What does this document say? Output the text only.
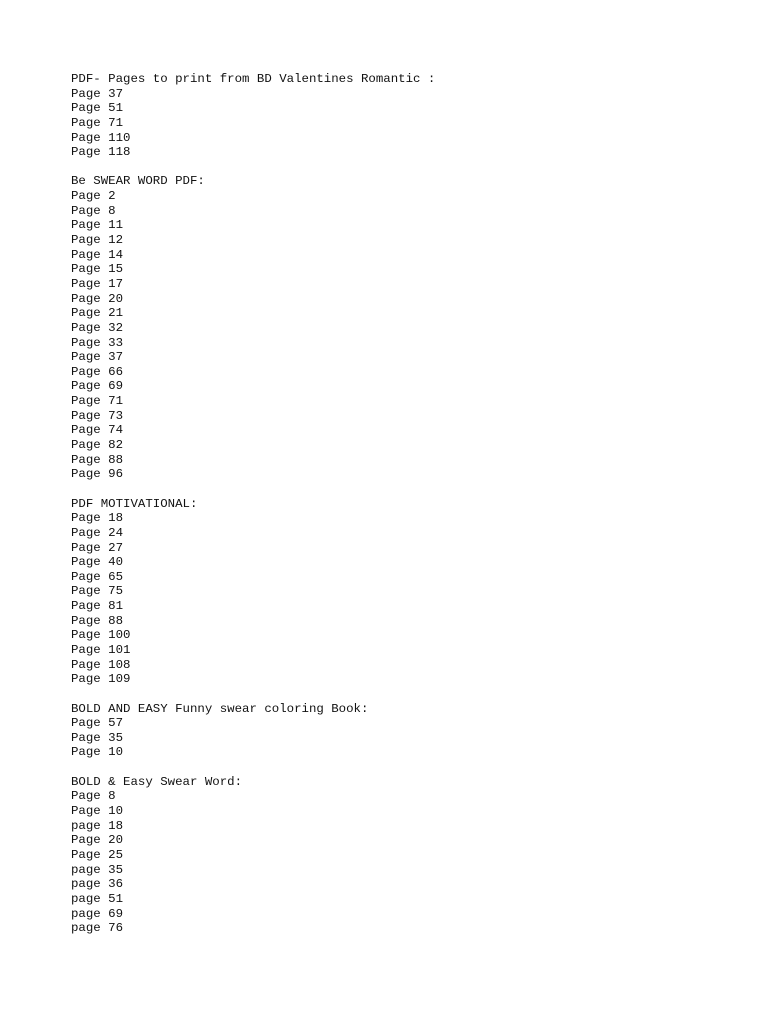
PDF- Pages to print from BD Valentines Romantic :
Page 37
Page 51
Page 71
Page 110
Page 118
Be SWEAR WORD PDF:
Page 2
Page 8
Page 11
Page 12
Page 14
Page 15
Page 17
Page 20
Page 21
Page 32
Page 33
Page 37
Page 66
Page 69
Page 71
Page 73
Page 74
Page 82
Page 88
Page 96
PDF MOTIVATIONAL:
Page 18
Page 24
Page 27
Page 40
Page 65
Page 75
Page 81
Page 88
Page 100
Page 101
Page 108
Page 109
BOLD AND EASY Funny swear coloring Book:
Page 57
Page 35
Page 10
BOLD & Easy Swear Word:
Page 8
Page 10
page 18
Page 20
Page 25
page 35
page 36
page 51
page 69
page 76
